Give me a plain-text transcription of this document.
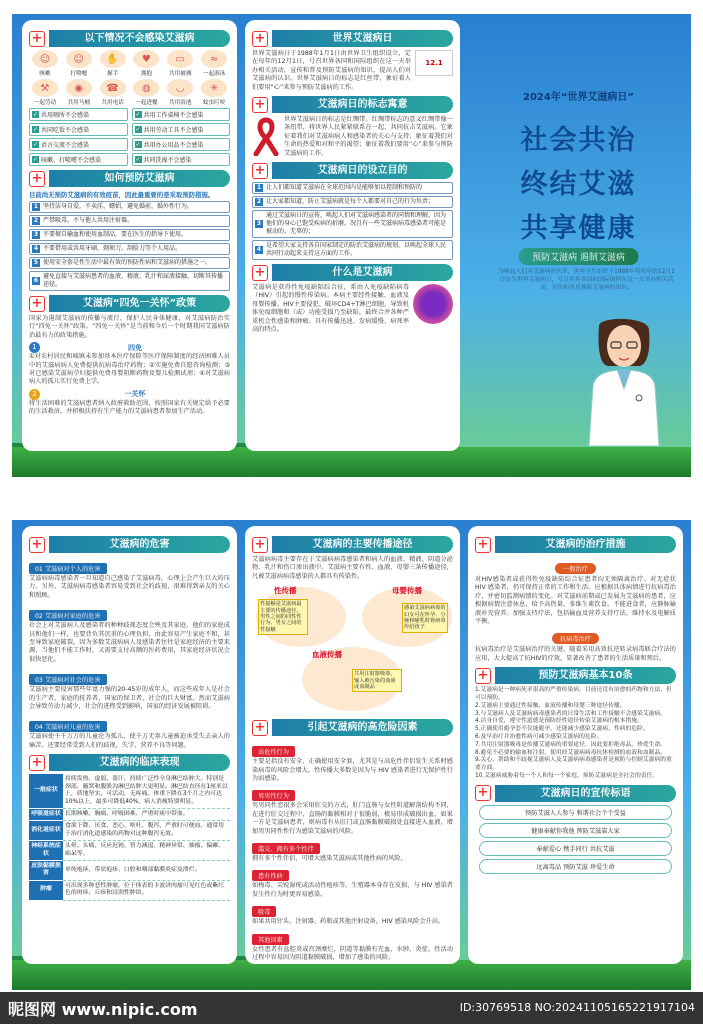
+	以下情况不会感染艾滋病
☺
咳嗽
☺
打喷嚏
✋
握手
♥
拥抱
▭
共用被褥
≈
一起游泳
⚒
一起劳动
◉
共用马桶
☎
共用电话
◍
一起进餐
◡
共用浴池
✳
蚊虫叮咬
✓ 共用厕所不会感染	✓ 共用工作桌椅不会感染
✓ 共同吃饭不会感染	✓ 共用劳动工具不会感染
✓ 语言交流不会感染	✓ 共用办公用品不会感染
✓ 咳嗽、打喷嚏不会感染	✓ 共同洗澡不会感染
+	如何预防艾滋病
目前尚无预防艾滋病的有效疫苗，因此最重要的是采取预防措施。
1 坚持洁身自爱，不卖淫、嫖娼，避免婚前、婚外性行为。
2 严禁吸毒，不与他人共用注射器。
3 不要擅自输血和使用血制品，要在医生的指导下使用。
4 不要借用或共用牙刷、剃须刀、刮脸刀等个人用品。
5 使用安全套是性生活中最有效的预防性病和艾滋病的措施之一。
6
避免直接与艾滋病患者的血液、精液、乳汁和尿液接触，切断其传播途径。
+	艾滋病“四免一关怀”政策

国家为遏制艾滋病的传播与流行，保护人民身体健康，对艾滋病防治实行“四免一关怀”政策。“四免一关怀”是当前和今后一个时期我国艾滋病防治最有力的政策措施。

1	四免

①对农村居民和城镇未参加基本医疗保险等医疗保障制度的经济困难人员中的艾滋病病人免费提供抗病毒治疗药物；②实施免费自愿咨询检测；③对已感染艾滋病孕妇提供免费母婴阻断药物及婴儿检测试剂；④对艾滋病病人的孤儿实行免费上学。

2	一关怀

将生活困难的艾滋病患者纳入政府救助范围，按照国家有关规定给予必要的生活救济，并积极扶持有生产能力的艾滋病患者参加生产活动。

+	世界艾滋病日
12.1

世界艾滋病日于1988年1月1日由世界卫生组织设立，定在每年的12月1日，号召世界各国和国际组织在这一天举办相关活动，宣传和普及预防艾滋病的知识，提高人们对艾滋病的认识。世界艾滋病日的标志是红丝带，象征着人们要用“心”来参与预防艾滋病的工作。

+	艾滋病日的标志寓意

世界艾滋病日的标志是红绸带。红绸带标志的意义红绸带像一条纽带，将世界人民紧紧联系在一起，共同抗击艾滋病。它象征着我们对艾滋病病人和感染者的关心与支持；象征着我们对生命的热爱和对和平的渴望；象征着我们要用“心”来参与预防艾滋病的工作。

+	艾滋病日的设立目的
1 让人们都知道艾滋病在全球范围内是能够加以控制和预防的
2 让大家都知道，防止艾滋病就是每个人都要对自己的行为负责；
3
通过艾滋病日的宣传，唤起人们对艾滋病感染者的同情和理解，因为他们的身心已饱受疾病的折磨，况且有一些艾滋病病毒感染者可能是被动的、无辜的；
4
是希望大家支持各自国家制定的防治艾滋病的规划，以唤起全球人民共同行动起来支持这方面的工作。
+	什么是艾滋病

艾滋病是获得性免疫缺陷综合征，系由人免疫缺陷病毒（HIV）引起的慢性传染病。本病主要经性接触、血液及母婴传播。HIV主要侵犯、破坏CD4+T淋巴细胞，导致机体免疫细胞和（或）功能受损乃至缺陷，最终合并各种严重机会性感染和肿瘤。具有传播迅速、发病缓慢、病死率高的特点。

2024年“世界艾滋病日”
社会共治
终结艾滋
共享健康
预防艾滋病 遏制艾滋病
为唤起人们对艾滋病的认识，世界卫生组织于1988年将每年的12月1日定为世界艾滋病日，号召世界各国和国际组织在这一天举办相关活动，宣传和普及预防艾滋病的知识。
+	艾滋病的危害
01 艾滋病对个人的危害

艾滋病病毒感染者一旦知道自己感染了艾滋病毒，心理上会产生巨大的压力。另外，艾滋病病毒感染者容易受到社会的歧视，很难得到亲友的关心和照顾。

02 艾滋病对家庭的危害

社会上对艾滋病人及感染者的种种歧视态度会殃及其家庭，他们的家庭成员和他们一样，也要背负其沉重的心理负担，由此容易产生家庭不和，甚至导致家庭破裂。因为多数艾滋病病人及感染者往往是家庭经济的主要来源，当他们不能工作时，又需要支付高额的医药费用，其家庭经济状况会很快恶化。

03 艾滋病对社会的危害

艾滋病主要侵害那些年富力强的20-45岁的成年人，而这些成年人是社会的生产者，家庭的抚养者，国家的保卫者，社会的巨大财富。然而艾滋病会导致劳动力减少，社会的进程受到影响，国家的经济发展被阻碍。

04 艾滋病对儿童的危害

艾滋病使千千万万的儿童沦为孤儿，使千万无辜儿童被迫承受失去亲人的痛苦。还要经常受到人们的歧视，失学，营养不良等问题。

+	艾滋病的临床表现
一般症状	持续发热、虚弱、盗汗，持续广泛性全身淋巴结肿大。特别是颈部、腋窝和腹股沟淋巴结肿大更明显。淋巴结直径在1厘米以上，质地坚实，可活动，无疼痛。体重下降在3个月之内可达10%以上，最多可降低40%，病人消瘦特别明显。
呼吸道症状	长期咳嗽、胸痛、呼吸困难、严重时痰中带血。
消化道症状	食欲下降、厌食、恶心、呕吐、腹泻，严重时可便血。通常用于治疗消化道感染的药物对这种腹泻无效。
神经系统症状	头晕、头痛、反应迟钝、智力减退、精神异常、抽搐、偏瘫、痴呆等。
皮肤黏膜损害	单纯疱疹、带状疱疹、口腔和咽部黏膜炎症及溃烂。
肿瘤	可出现多种恶性肿瘤，位于体表的卡波济肉瘤可见红色或紫红色的斑疹、丘疹和浸润性肿块。
+	艾滋病的主要传播途径

艾滋病病毒主要存在于艾滋病病毒感染者和病人的血液、精液、阴道分泌物、乳汁和伤口渗出液中。艾滋病主要有性、血液、母婴三条传播途径，凡被艾滋病病毒感染的人都具有传染性。

性传播	母婴传播
血液传播
性接触是艾滋病最主要的传播途径，男性之间的同性性行为、男女之间的性接触
感染艾滋病病毒的妇女可在怀孕、分娩和哺乳时将病毒传给孩子
共用注射器吸毒，输入被污染的血液或血制品
+	引起艾滋病的高危险因素
高危性行为

主要是指没有安全、正确使用安全套，尤其是与高危性伴侣发生关系时感染病毒的风险会增大，性传播大多数是因为与 HIV 感染者进行无保护性行为而感染。

男男性行为

男男同性恋很多会采用肛交的方式，肛门直肠与女性阴道解剖结构不同，在进行肛交过程中，直肠的黏膜相对于很脆弱，极易形成破损出血，如果一方是艾滋病患者，则病毒有从肛门或直肠黏膜破损处直接进入血液，增加男男同性性行为感染艾滋病的风险。

滥交、拥有多个性伴

拥有多个性伴侣，可增大感染艾滋病或其他性病的风险。

患有性病

如梅毒、尖锐湿疣或活动性疱疹等，生殖器本身存在皮损，与 HIV 感染者发生性行为时更容易感染。

吸毒

如果共用针头、注射器、药瓶或其他注射设备，HIV 感染风险会升高。

其他因素

女性患者有盆腔炎或宫颈糜烂，阴道等黏膜有充血、水肿、炎症，性活动过程中容易因为阴道黏膜破损，增加了感染的风险。

+	艾滋病的治疗措施
一般治疗

对HIV感染者或获得性免疫缺陷综合征患者均无须隔离治疗。对无症状 HIV 感染者，仍可保持正常的工作和生活。应根据具体病情进行抗病毒治疗，并密切监测病情的变化。对艾滋病前期或已发展为艾滋病的患者，应根据病情注意休息，给予高热量、多维生素饮食。不能进食者，应静脉输液补充营养。加强支持疗法，包括输血及营养支持疗法，维持水及电解质平衡。

抗病毒治疗

抗病毒治疗是艾滋病治疗的关键。随着采用高效抗逆转录病毒联合疗法的应用，大大提高了抗HIV的疗效，显著改善了患者的生活质量和预后。

+	预防艾滋病基本10条

1.艾滋病是一种病死率很高的严重传染病，目前还没有治愈的药物和方法，但可以预防。

2.艾滋病主要通过性接触、血液传播和母婴三种途径传播。

3.与艾滋病人及艾滋病病毒感染者的日常生活和工作接触不会感染艾滋病。

4.洁身自爱，遵守性道德是预防经性途径传染艾滋病的根本措施。

5.正确使用避孕套不仅能避孕，还能减少感染艾滋病、性病的危险。

6.及早治疗并治愈性病可减少感染艾滋病的危险。

7.共用注射器吸毒是传播艾滋病的重要途径，因此要拒绝毒品，珍爱生命。

8.避免不必要的输血和注射，使用经艾滋病病毒抗体检测的血液和血制品。

9.关心、帮助和不歧视艾滋病人及艾滋病病毒感染者是预防与控制艾滋病的重要方面。

10.艾滋病威胁着每一个人和每一个家庭，预防艾滋病是全社会的责任。

+	艾滋病日的宣传标语
预防艾滋人人参与 和谐社会个个受益
健康奉献你我他 预防艾滋靠大家
奉献爱心 携手同行 共抗艾滋
远离毒品 预防艾滋 珍爱生命
昵图网 www.nipic.com	ID:30769518 NO:20241105165221917104
